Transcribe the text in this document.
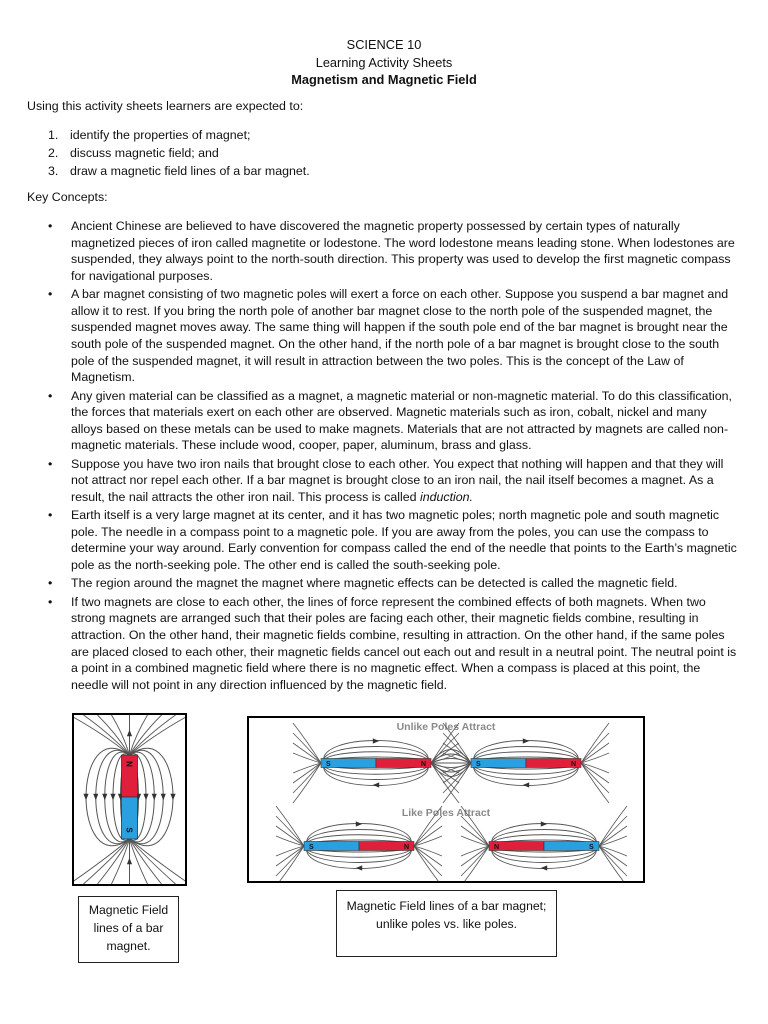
SCIENCE 10
Learning Activity Sheets
Magnetism and Magnetic Field
Using this activity sheets learners are expected to:
1. identify the properties of magnet;
2. discuss magnetic field; and
3. draw a magnetic field lines of a bar magnet.
Key Concepts:
• Ancient Chinese are believed to have discovered the magnetic property possessed by certain types of naturally magnetized pieces of iron called magnetite or lodestone. The word lodestone means leading stone. When lodestones are suspended, they always point to the north-south direction. This property was used to develop the first magnetic compass for navigational purposes.
• A bar magnet consisting of two magnetic poles will exert a force on each other. Suppose you suspend a bar magnet and allow it to rest. If you bring the north pole of another bar magnet close to the north pole of the suspended magnet, the suspended magnet moves away. The same thing will happen if the south pole end of the bar magnet is brought near the south pole of the suspended magnet. On the other hand, if the north pole of a bar magnet is brought close to the south pole of the suspended magnet, it will result in attraction between the two poles. This is the concept of the Law of Magnetism.
• Any given material can be classified as a magnet, a magnetic material or non-magnetic material. To do this classification, the forces that materials exert on each other are observed. Magnetic materials such as iron, cobalt, nickel and many alloys based on these metals can be used to make magnets. Materials that are not attracted by magnets are called non-magnetic materials. These include wood, cooper, paper, aluminum, brass and glass.
• Suppose you have two iron nails that brought close to each other. You expect that nothing will happen and that they will not attract nor repel each other. If a bar magnet is brought close to an iron nail, the nail itself becomes a magnet. As a result, the nail attracts the other iron nail. This process is called induction.
• Earth itself is a very large magnet at its center, and it has two magnetic poles; north magnetic pole and south magnetic pole. The needle in a compass point to a magnetic pole. If you are away from the poles, you can use the compass to determine your way around. Early convention for compass called the end of the needle that points to the Earth’s magnetic pole as the north-seeking pole. The other end is called the south-seeking pole.
• The region around the magnet the magnet where magnetic effects can be detected is called the magnetic field.
• If two magnets are close to each other, the lines of force represent the combined effects of both magnets. When two strong magnets are arranged such that their poles are facing each other, their magnetic fields combine, resulting in attraction. On the other hand, their magnetic fields combine, resulting in attraction. On the other hand, if the same poles are placed closed to each other, their magnetic fields cancel out each out and result in a neutral point. The neutral point is a point in a combined magnetic field where there is no magnetic effect. When a compass is placed at this point, the needle will not point in any direction influenced by the magnetic field.
N
S
Magnetic Field lines of a bar magnet.
Unlike Poles Attract
Like Poles Attract
S	N	S	N
S	N	N	S
Magnetic Field lines of a bar magnet; unlike poles vs. like poles.
